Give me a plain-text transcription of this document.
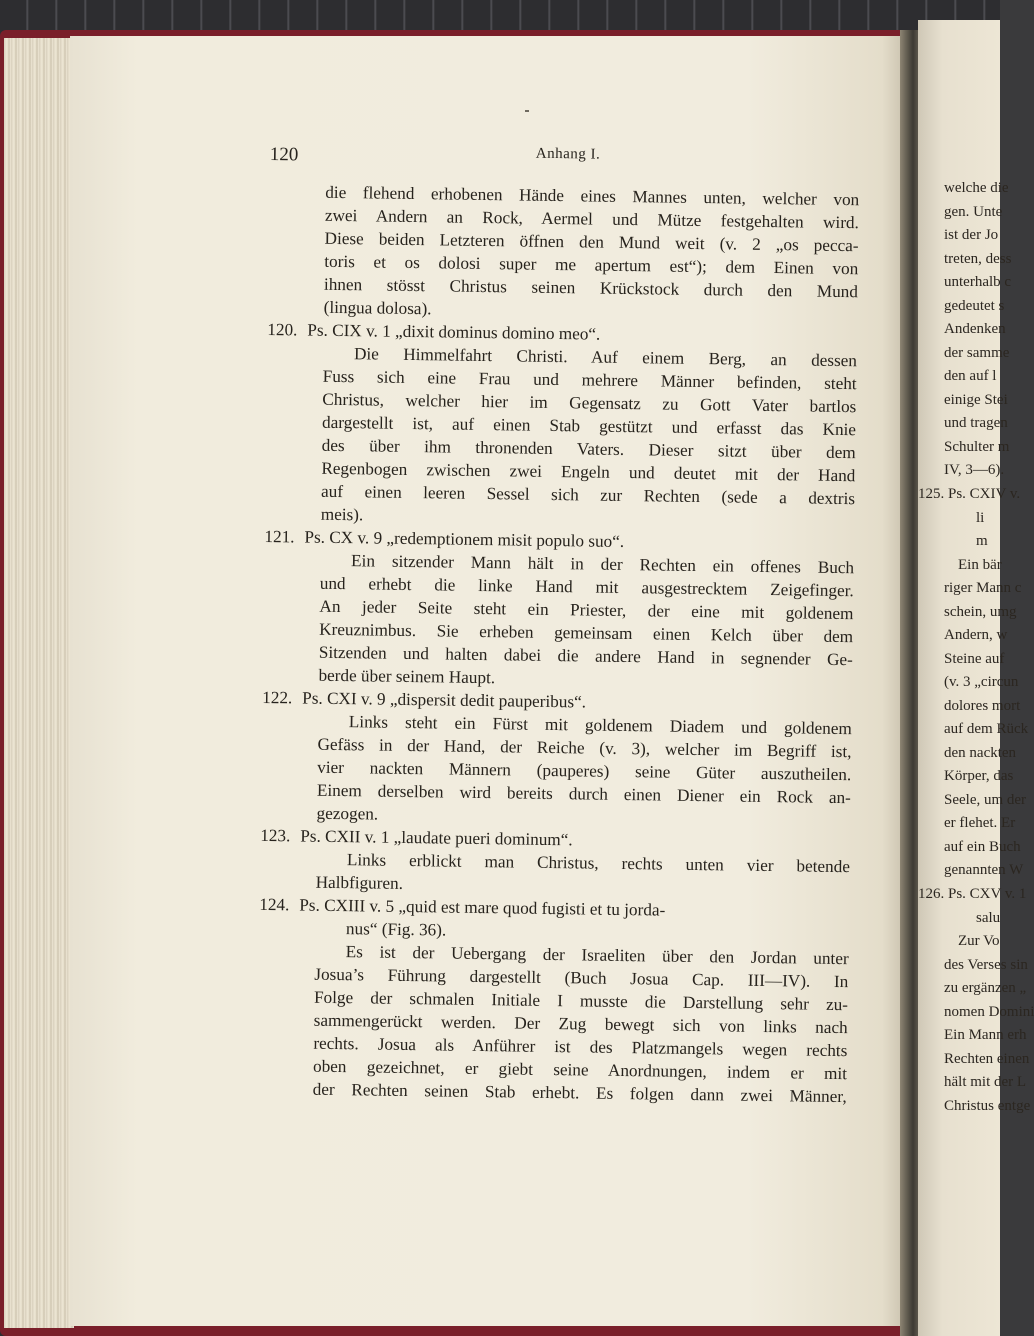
welche die
gen. Unte
ist der Jo
treten, dess
unterhalb c
gedeutet s
Andenken
der samme
den auf l
einige Stei
und tragen
Schulter m
IV, 3—6).
125. Ps. CXIV v.
li
m
Ein bär
riger Mann c
schein, umg
Andern, w
Steine auf
(v. 3 „circun
dolores mort
auf dem Rück
den nackten
Körper, das
Seele, um der
er flehet. Er
auf ein Buch
genannten W
126. Ps. CXV v. 1
salu
Zur Vo
des Verses sin
zu ergänzen „
nomen Domini
Ein Mann erh
Rechten einen
hält mit der L
Christus entge
120	Anhang I.
die flehend erhobenen Hände eines Mannes unten, welcher von
zwei Andern an Rock, Aermel und Mütze festgehalten wird.
Diese beiden Letzteren öffnen den Mund weit (v. 2 „os pecca-
toris et os dolosi super me apertum est“); dem Einen von
ihnen stösst Christus seinen Krückstock durch den Mund
(lingua dolosa).
120. Ps. CIX v. 1 „dixit dominus domino meo“.
Die Himmelfahrt Christi. Auf einem Berg, an dessen
Fuss sich eine Frau und mehrere Männer befinden, steht
Christus, welcher hier im Gegensatz zu Gott Vater bartlos
dargestellt ist, auf einen Stab gestützt und erfasst das Knie
des über ihm thronenden Vaters. Dieser sitzt über dem
Regenbogen zwischen zwei Engeln und deutet mit der Hand
auf einen leeren Sessel sich zur Rechten (sede a dextris
meis).
121. Ps. CX v. 9 „redemptionem misit populo suo“.
Ein sitzender Mann hält in der Rechten ein offenes Buch
und erhebt die linke Hand mit ausgestrecktem Zeigefinger.
An jeder Seite steht ein Priester, der eine mit goldenem
Kreuznimbus. Sie erheben gemeinsam einen Kelch über dem
Sitzenden und halten dabei die andere Hand in segnender Ge-
berde über seinem Haupt.
122. Ps. CXI v. 9 „dispersit dedit pauperibus“.
Links steht ein Fürst mit goldenem Diadem und goldenem
Gefäss in der Hand, der Reiche (v. 3), welcher im Begriff ist,
vier nackten Männern (pauperes) seine Güter auszutheilen.
Einem derselben wird bereits durch einen Diener ein Rock an-
gezogen.
123. Ps. CXII v. 1 „laudate pueri dominum“.
Links erblickt man Christus, rechts unten vier betende
Halbfiguren.
124. Ps. CXIII v. 5 „quid est mare quod fugisti et tu jorda-
nus“ (Fig. 36).
Es ist der Uebergang der Israeliten über den Jordan unter
Josua’s Führung dargestellt (Buch Josua Cap. III—IV). In
Folge der schmalen Initiale I musste die Darstellung sehr zu-
sammengerückt werden. Der Zug bewegt sich von links nach
rechts. Josua als Anführer ist des Platzmangels wegen rechts
oben gezeichnet, er giebt seine Anordnungen, indem er mit
der Rechten seinen Stab erhebt. Es folgen dann zwei Männer,
